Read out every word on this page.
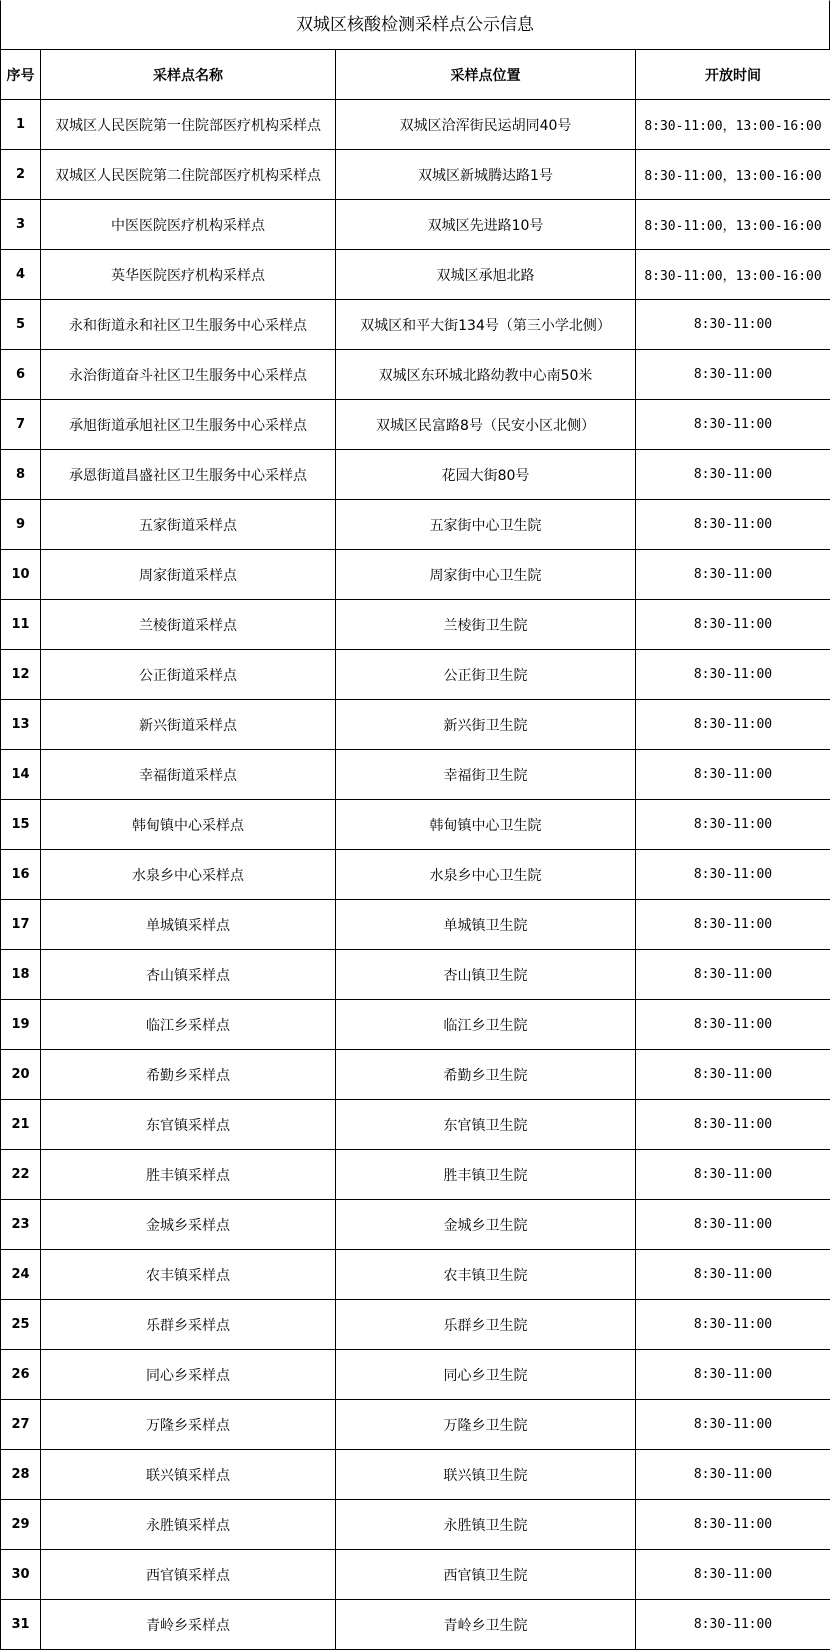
双城区核酸检测采样点公示信息
序号	采样点名称	采样点位置	开放时间
1	双城区人民医院第一住院部医疗机构采样点	双城区洽浑街民运胡同40号	8:30-11:00，13:00-16:00
2	双城区人民医院第二住院部医疗机构采样点	双城区新城腾达路1号	8:30-11:00，13:00-16:00
3	中医医院医疗机构采样点	双城区先进路10号	8:30-11:00，13:00-16:00
4	英华医院医疗机构采样点	双城区承旭北路	8:30-11:00，13:00-16:00
5	永和街道永和社区卫生服务中心采样点	双城区和平大街134号（第三小学北侧）	8:30-11:00
6	永治街道奋斗社区卫生服务中心采样点	双城区东环城北路幼教中心南50米	8:30-11:00
7	承旭街道承旭社区卫生服务中心采样点	双城区民富路8号（民安小区北侧）	8:30-11:00
8	承恩街道昌盛社区卫生服务中心采样点	花园大街80号	8:30-11:00
9	五家街道采样点	五家街中心卫生院	8:30-11:00
10	周家街道采样点	周家街中心卫生院	8:30-11:00
11	兰棱街道采样点	兰棱街卫生院	8:30-11:00
12	公正街道采样点	公正街卫生院	8:30-11:00
13	新兴街道采样点	新兴街卫生院	8:30-11:00
14	幸福街道采样点	幸福街卫生院	8:30-11:00
15	韩甸镇中心采样点	韩甸镇中心卫生院	8:30-11:00
16	水泉乡中心采样点	水泉乡中心卫生院	8:30-11:00
17	单城镇采样点	单城镇卫生院	8:30-11:00
18	杏山镇采样点	杏山镇卫生院	8:30-11:00
19	临江乡采样点	临江乡卫生院	8:30-11:00
20	希勤乡采样点	希勤乡卫生院	8:30-11:00
21	东官镇采样点	东官镇卫生院	8:30-11:00
22	胜丰镇采样点	胜丰镇卫生院	8:30-11:00
23	金城乡采样点	金城乡卫生院	8:30-11:00
24	农丰镇采样点	农丰镇卫生院	8:30-11:00
25	乐群乡采样点	乐群乡卫生院	8:30-11:00
26	同心乡采样点	同心乡卫生院	8:30-11:00
27	万隆乡采样点	万隆乡卫生院	8:30-11:00
28	联兴镇采样点	联兴镇卫生院	8:30-11:00
29	永胜镇采样点	永胜镇卫生院	8:30-11:00
30	西官镇采样点	西官镇卫生院	8:30-11:00
31	青岭乡采样点	青岭乡卫生院	8:30-11:00
